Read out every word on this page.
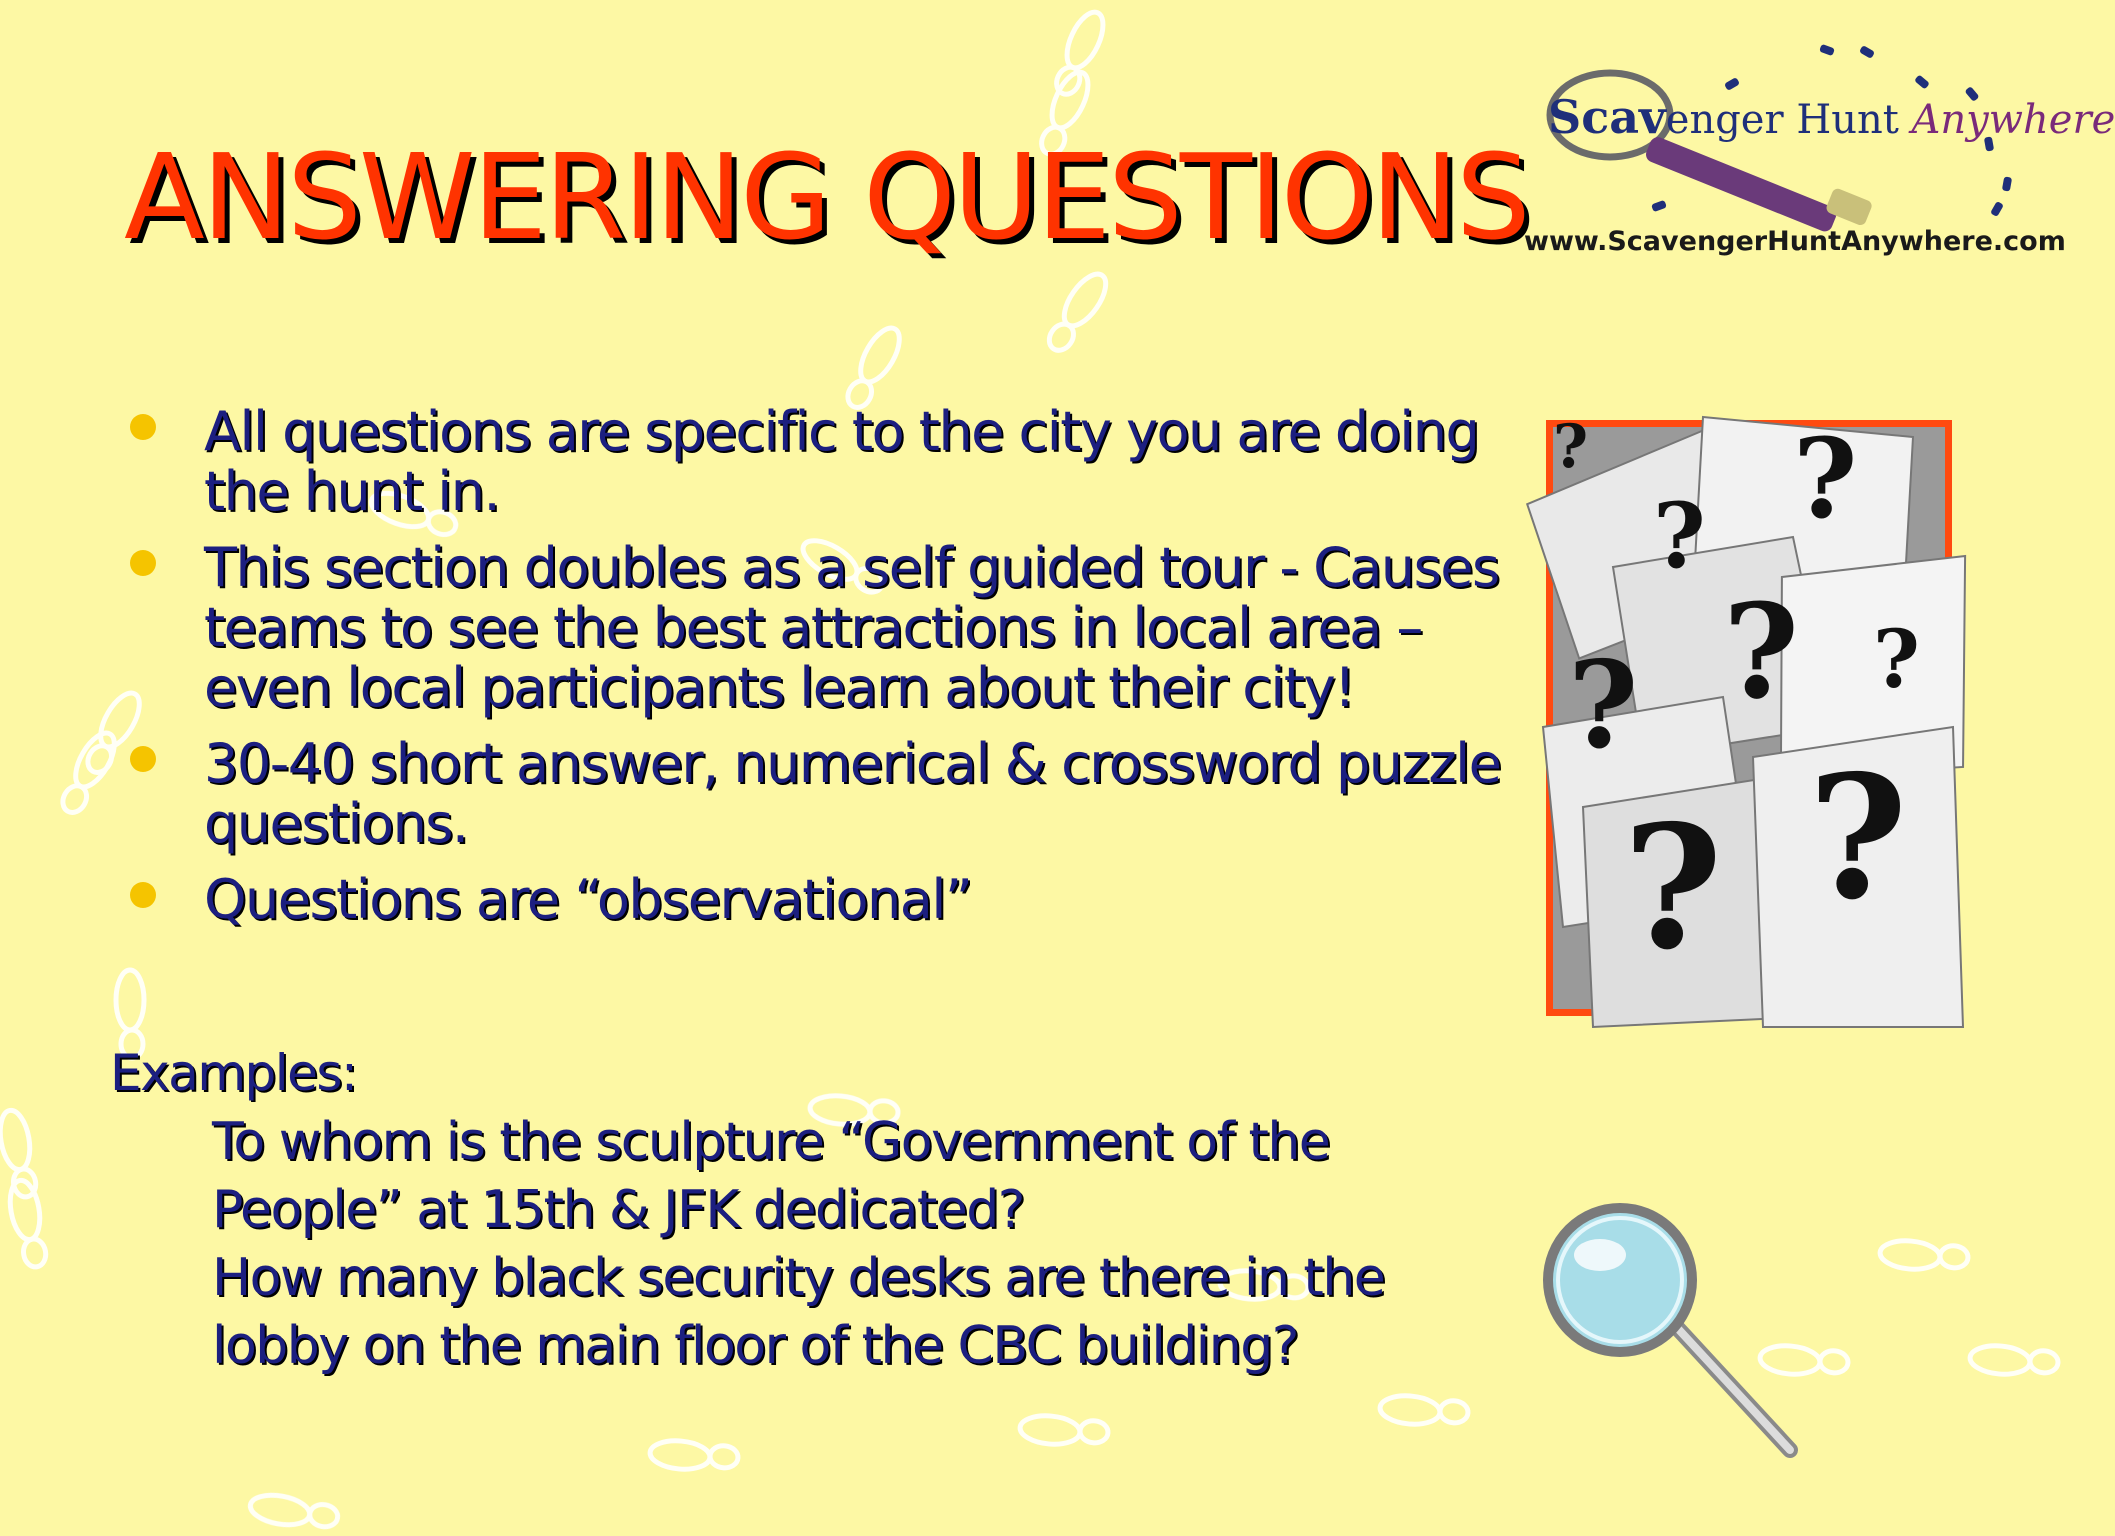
ANSWERING QUESTIONS
Scavenger Hunt Anywhere
www.ScavengerHuntAnywhere.com
All questions are specific to the city you are doing the hunt in.
This section doubles as a self guided tour - Causes teams to see the best attractions in local area – even local participants learn about their city!
30-40 short answer, numerical & crossword puzzle questions.
Questions are “observational”
Examples:

To whom is the sculpture “Government of the People” at 15th & JFK dedicated?

How many black security desks are there in the lobby on the main floor of the CBC building?

?
?
?
?
?
?
?
?
